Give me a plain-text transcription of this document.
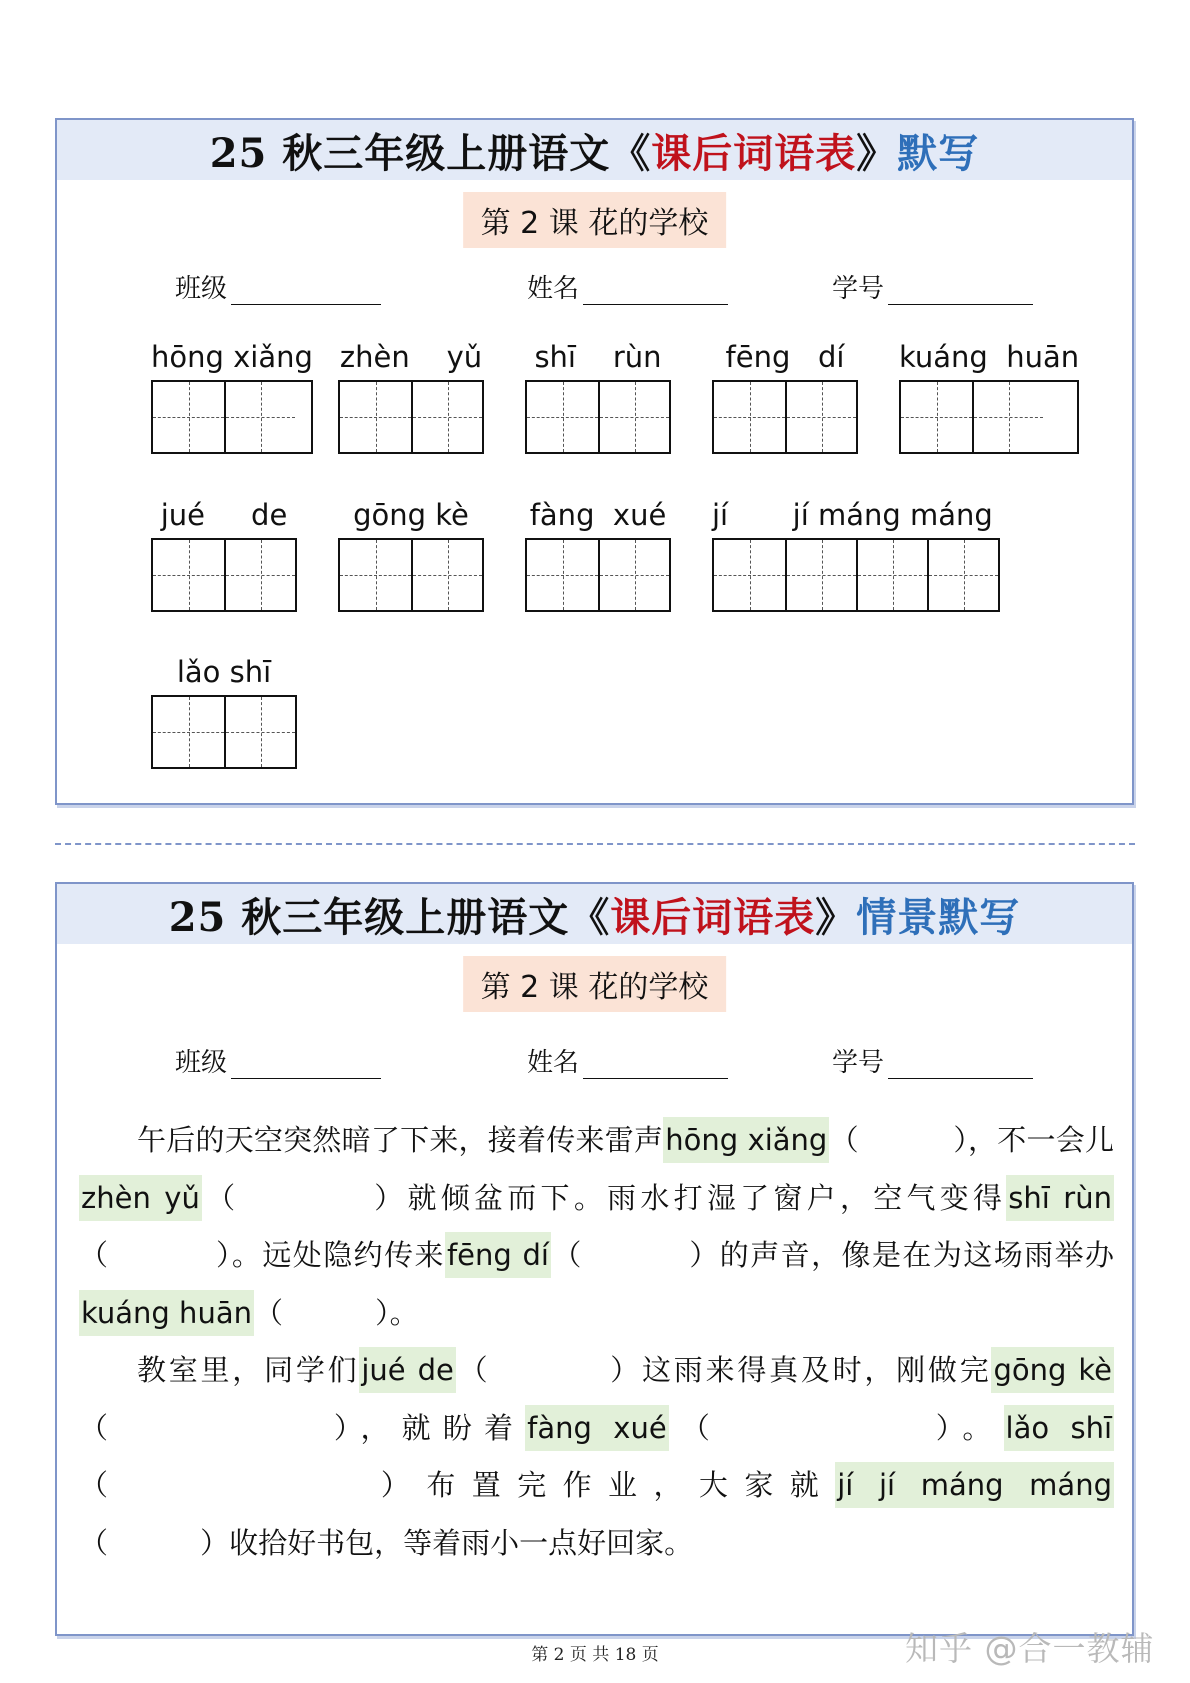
25 秋三年级上册语文《 课后词语表 》 默写
第 2 课 花的学校
班级	姓名	学号
hōng xiǎng zhèn    yǔ	shī    rùn	fēng   dí	kuáng  huān
jué     de	gōng kè	fàng  xué jí       jí máng máng
lǎo shī
25 秋三年级上册语文《 课后词语表 》 情景默写
第 2 课 花的学校
班级	姓名	学号

午后的天空突然暗了下来，接着传来雷声hōng xiǎng（          ），不一会儿zhèn yǔ（          ）就倾盆而下。雨水打湿了窗户，空气变得shī rùn（          ）。远处隐约传来fēng dí（          ）的声音，像是在为这场雨举办kuáng huān（          ）。

教室里，同学们jué de（          ）这雨来得真及时，刚做完gōng kè（          ），就盼着fàng xué（          ）。lǎo shī（          ）布置完作业，大家就jí jí máng máng（          ）收拾好书包，等着雨小一点好回家。

第 2 页 共 18 页	知乎 @合一教辅
